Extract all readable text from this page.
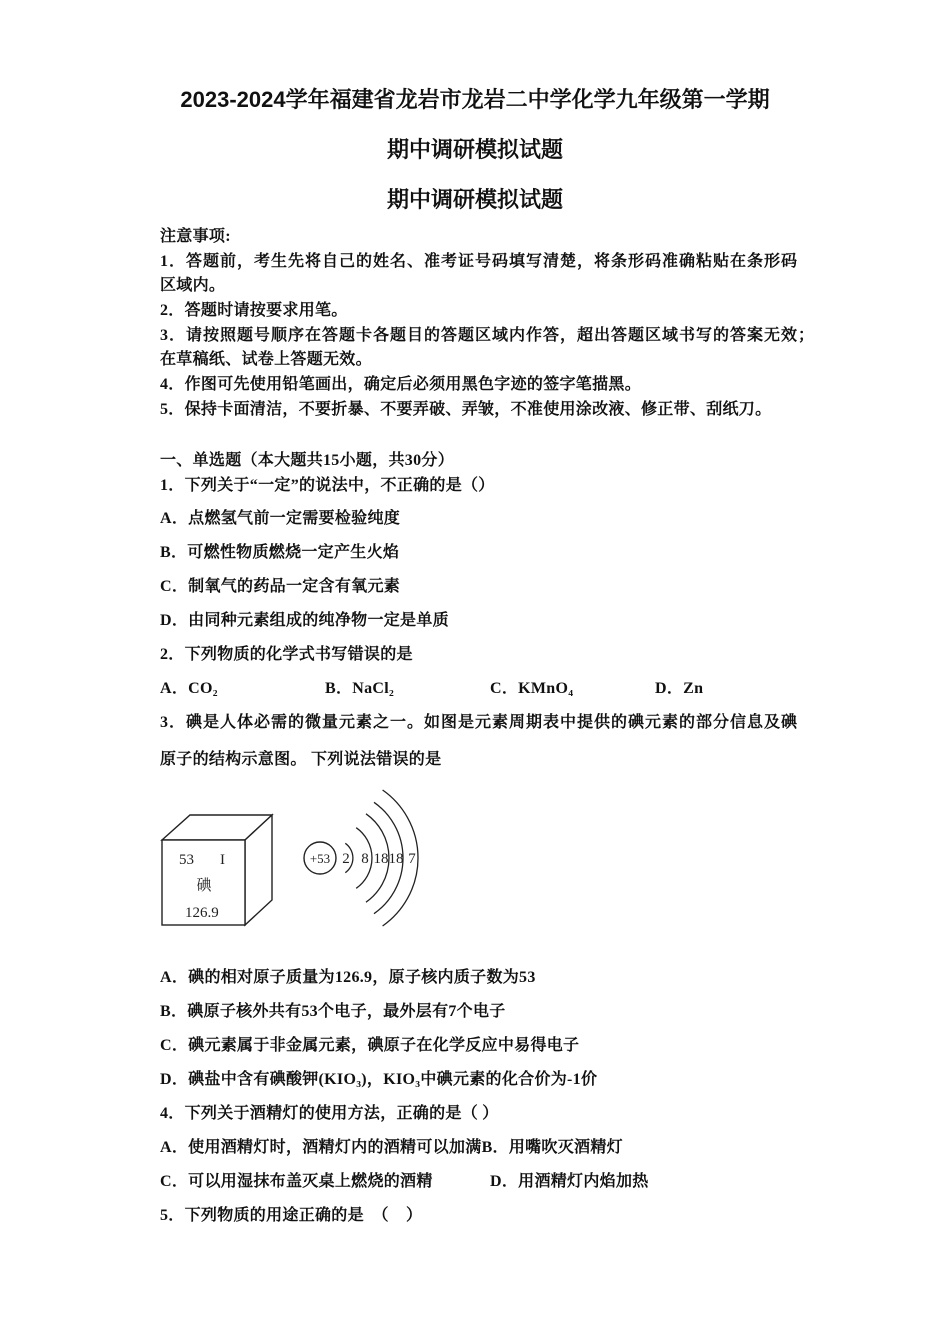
2023-2024学年福建省龙岩市龙岩二中学化学九年级第一学期
期中调研模拟试题
期中调研模拟试题
注意事项:
1．答题前，考生先将自己的姓名、准考证号码填写清楚，将条形码准确粘贴在条形码
区域内。
2．答题时请按要求用笔。
3．请按照题号顺序在答题卡各题目的答题区域内作答，超出答题区域书写的答案无效；
在草稿纸、试卷上答题无效。
4．作图可先使用铅笔画出，确定后必须用黑色字迹的签字笔描黑。
5．保持卡面清洁，不要折暴、不要弄破、弄皱，不准使用涂改液、修正带、刮纸刀。
一、单选题（本大题共15小题，共30分）
1．下列关于“一定”的说法中，不正确的是（）
A．点燃氢气前一定需要检验纯度
B．可燃性物质燃烧一定产生火焰
C．制氧气的药品一定含有氧元素
D．由同种元素组成的纯净物一定是单质
2．下列物质的化学式书写错误的是
A．CO₂	B．NaCl₂	C．KMnO₄	D．Zn
3．碘是人体必需的微量元素之一。如图是元素周期表中提供的碘元素的部分信息及碘
原子的结构示意图。 下列说法错误的是
53 I
碘
126.9
+53 2 8 18 18 7
A．碘的相对原子质量为126.9，原子核内质子数为53
B．碘原子核外共有53个电子，最外层有7个电子
C．碘元素属于非金属元素，碘原子在化学反应中易得电子
D．碘盐中含有碘酸钾(KIO₃)，KIO₃中碘元素的化合价为-1价
4．下列关于酒精灯的使用方法，正确的是（ ）
A．使用酒精灯时，酒精灯内的酒精可以加满B．用嘴吹灭酒精灯
C．可以用湿抹布盖灭桌上燃烧的酒精	D．用酒精灯内焰加热
5．下列物质的用途正确的是  （    ）
